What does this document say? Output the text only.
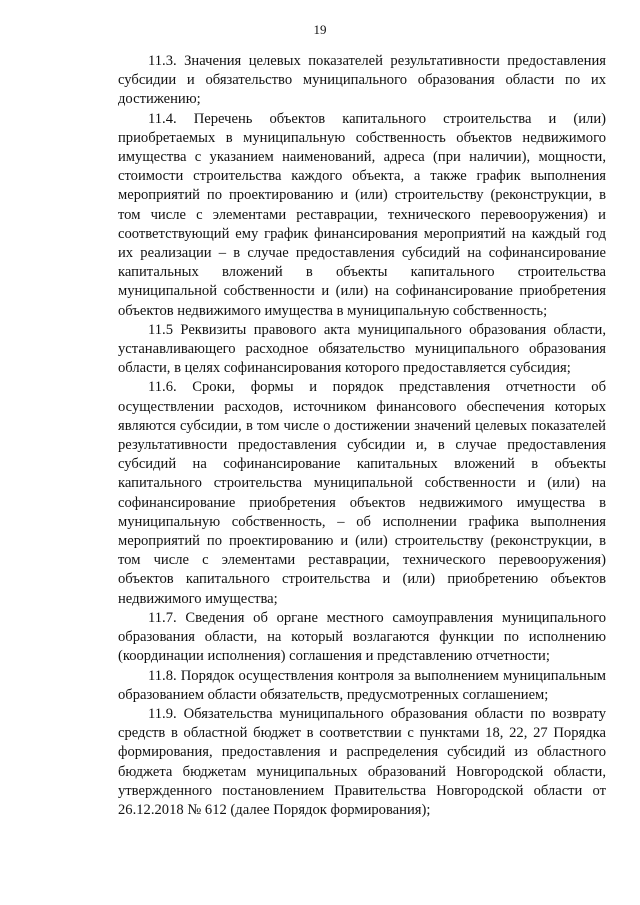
19

11.3. Значения целевых показателей результативности предоставления субсидии и обязательство муниципального образования области по их достижению;

11.4. Перечень объектов капитального строительства и (или) приобретаемых в муниципальную собственность объектов недвижимого имущества с указанием наименований, адреса (при наличии), мощности, стоимости строительства каждого объекта, а также график выполнения мероприятий по проектированию и (или) строительству (реконструкции, в том числе с элементами реставрации, технического перевооружения) и соответствующий ему график финансирования мероприятий на каждый год их реализации – в случае предоставления субсидий на софинансирование капитальных вложений в объекты капитального строительства муниципальной собственности и (или) на софинансирование приобретения объектов недвижимого имущества в муниципальную собственность;

11.5 Реквизиты правового акта муниципального образования области, устанавливающего расходное обязательство муниципального образования области, в целях софинансирования которого предоставляется субсидия;

11.6. Сроки, формы и порядок представления отчетности об осуществлении расходов, источником финансового обеспечения которых являются субсидии, в том числе о достижении значений целевых показателей результативности предоставления субсидии и, в случае предоставления субсидий на софинансирование капитальных вложений в объекты капитального строительства муниципальной собственности и (или) на софинансирование приобретения объектов недвижимого имущества в муниципальную собственность, – об исполнении графика выполнения мероприятий по проектированию и (или) строительству (реконструкции, в том числе с элементами реставрации, технического перевооружения) объектов капитального строительства и (или) приобретению объектов недвижимого имущества;

11.7. Сведения об органе местного самоуправления муниципального образования области, на который возлагаются функции по исполнению (координации исполнения) соглашения и представлению отчетности;

11.8. Порядок осуществления контроля за выполнением муниципальным образованием области обязательств, предусмотренных соглашением;

11.9. Обязательства муниципального образования области по возврату средств в областной бюджет в соответствии с пунктами 18, 22, 27 Порядка формирования, предоставления и распределения субсидий из областного бюджета бюджетам муниципальных образований Новгородской области, утвержденного постановлением Правительства Новгородской области от 26.12.2018 № 612 (далее Порядок формирования);
